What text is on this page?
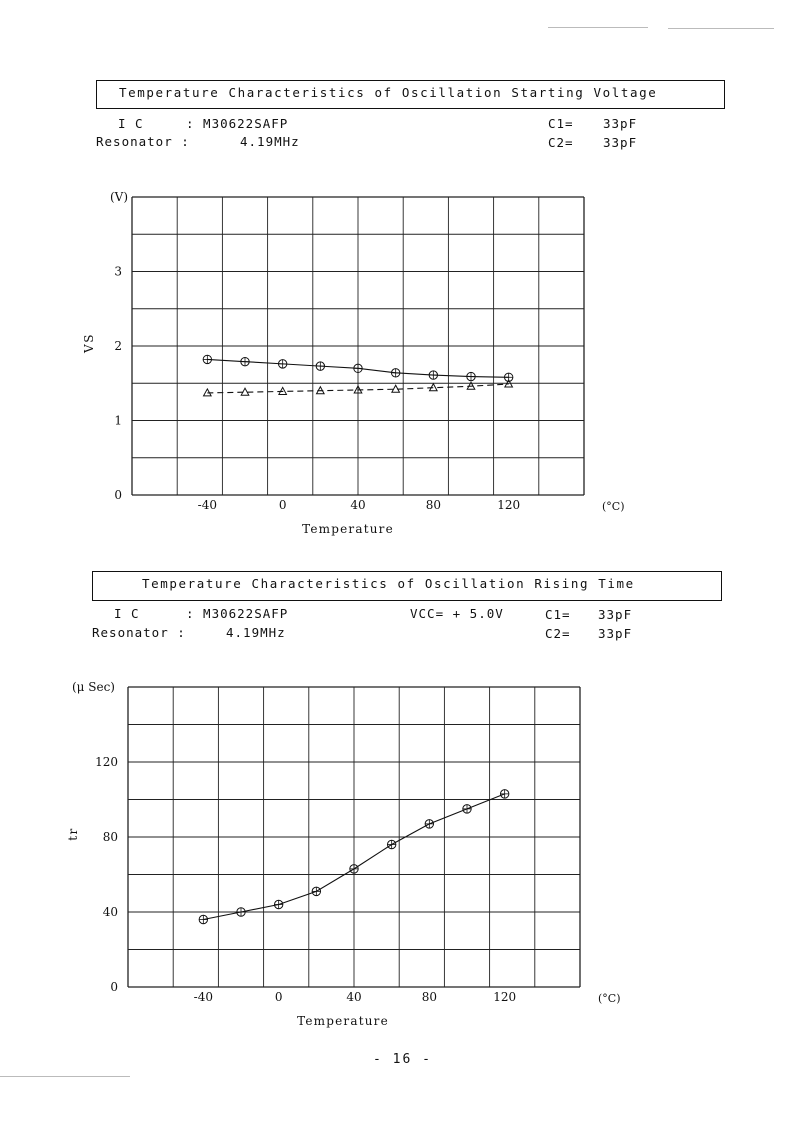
Temperature Characteristics of Oscillation Starting Voltage
I C	: M30622SAFP
Resonator :	4.19MHz
C1= 33pF
C2= 33pF
0
1
2
3
-40	0	40	80	120
(V)
(°C)
Temperature
VS
Temperature Characteristics of Oscillation Rising Time
I C	: M30622SAFP
Resonator :	4.19MHz
VCC= + 5.0V	C1= 33pF
C2= 33pF
0
40
80
120
-40	0	40	80	120
(μ Sec)
(°C)
Temperature
tr
- 16 -
